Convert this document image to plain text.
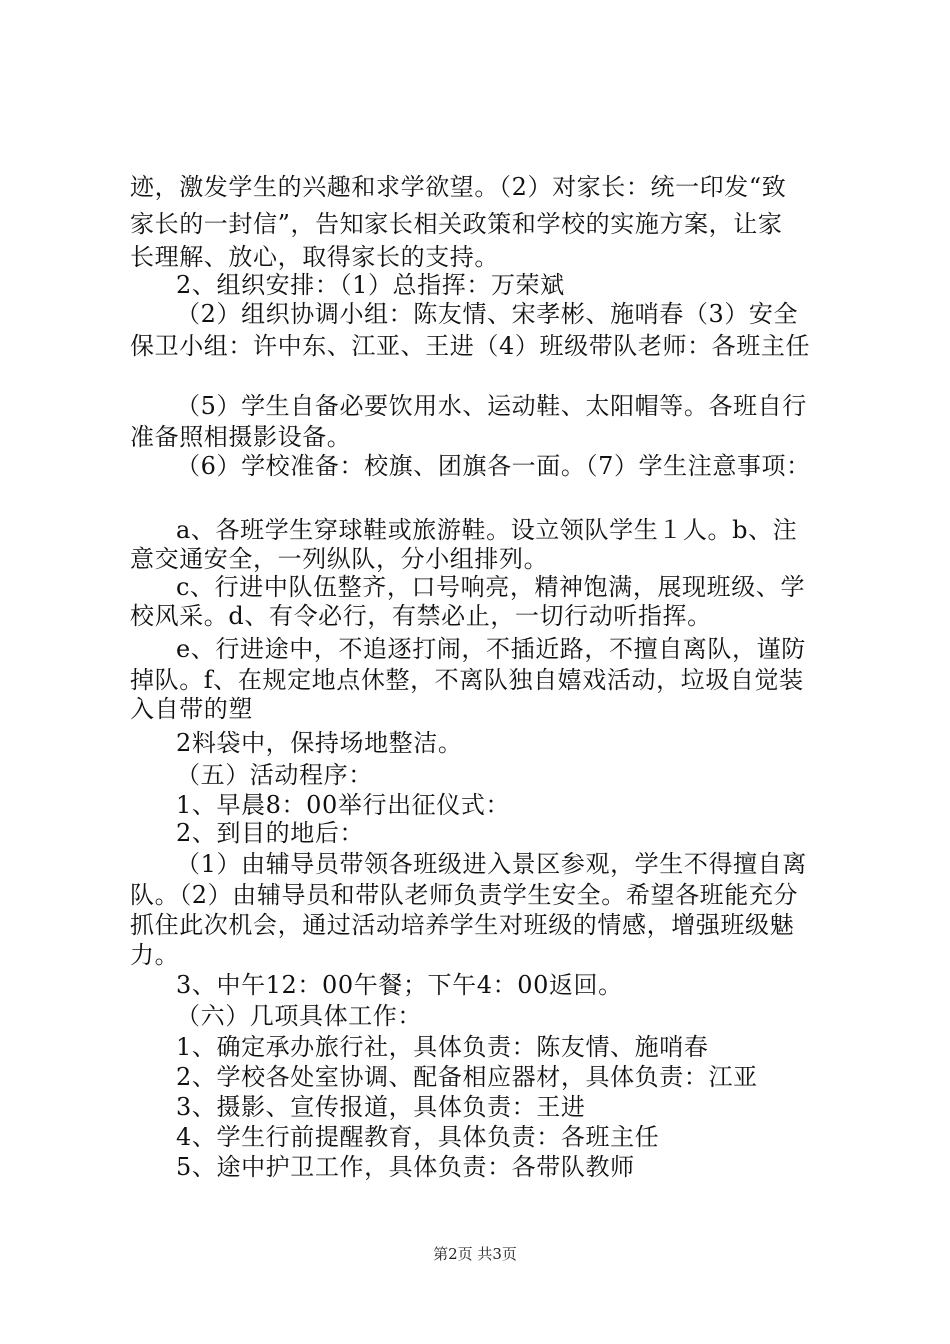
迹，激发学生的兴趣和求学欲望。（2）对家长：统一印发“致
家长的一封信”，告知家长相关政策和学校的实施方案，让家
长理解、放心，取得家长的支持。
2、组织安排：（1）总指挥：万荣斌
（2）组织协调小组：陈友情、宋孝彬、施哨春（3）安全
保卫小组：许中东、江亚、王进（4）班级带队老师：各班主任
（5）学生自备必要饮用水、运动鞋、太阳帽等。各班自行
准备照相摄影设备。
（6）学校准备：校旗、团旗各一面。（7）学生注意事项：
a、各班学生穿球鞋或旅游鞋。设立领队学生１人。b、注
意交通安全，一列纵队，分小组排列。
c、行进中队伍整齐，口号响亮，精神饱满，展现班级、学
校风采。d、有令必行，有禁必止，一切行动听指挥。
e、行进途中，不追逐打闹，不插近路，不擅自离队，谨防
掉队。f、在规定地点休整，不离队独自嬉戏活动，垃圾自觉装
入自带的塑
2料袋中，保持场地整洁。
（五）活动程序：
1、早晨8：00举行出征仪式：
2、到目的地后：
（1）由辅导员带领各班级进入景区参观，学生不得擅自离
队。（2）由辅导员和带队老师负责学生安全。希望各班能充分
抓住此次机会，通过活动培养学生对班级的情感，增强班级魅
力。
3、中午12：00午餐；下午4：00返回。
（六）几项具体工作：
1、确定承办旅行社，具体负责：陈友情、施哨春
2、学校各处室协调、配备相应器材，具体负责：江亚
3、摄影、宣传报道，具体负责：王进
4、学生行前提醒教育，具体负责：各班主任
5、途中护卫工作，具体负责：各带队教师
第2页 共3页
